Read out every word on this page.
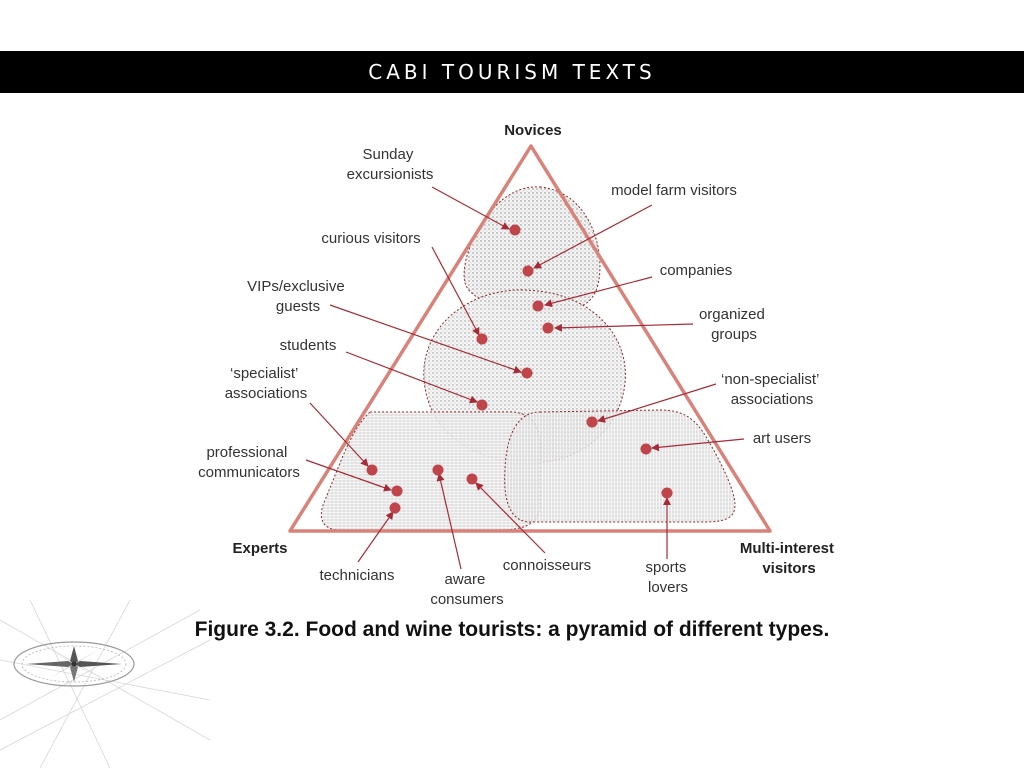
CABI TOURISM TEXTS
Novices
Experts	Multi-interest visitors
Sunday excursionists
model farm visitors
curious visitors
companies
VIPs/exclusive guests	organized groups
students
‘specialist’ associations
‘non-specialist’ associations
art users
professional communicators
technicians	aware consumers
connoisseurs	sports lovers
Figure 3.2. Food and wine tourists: a pyramid of different types.
